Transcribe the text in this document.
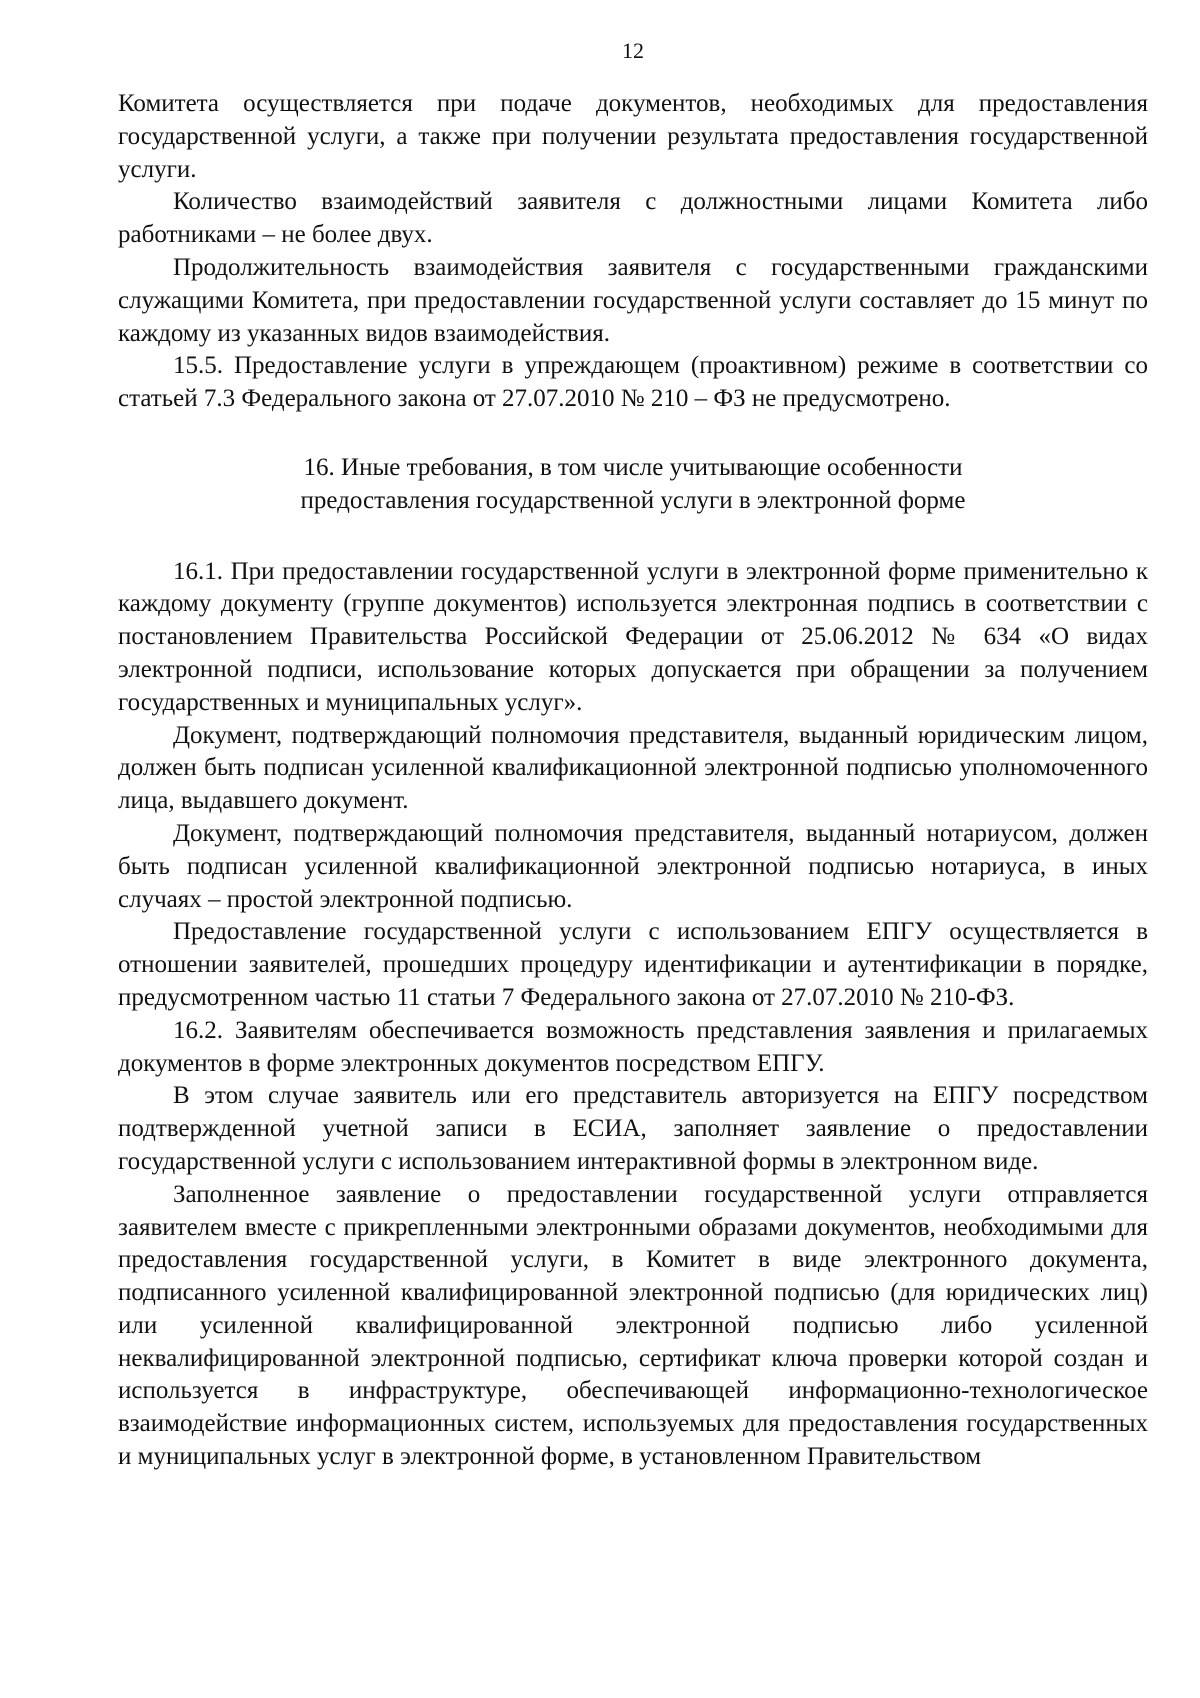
12

Комитета осуществляется при подаче документов, необходимых для предоставления государственной услуги, а также при получении результата предоставления государственной услуги.

Количество взаимодействий заявителя с должностными лицами Комитета либо работниками – не более двух.

Продолжительность взаимодействия заявителя с государственными гражданскими служащими Комитета, при предоставлении государственной услуги составляет до 15 минут по каждому из указанных видов взаимодействия.

15.5. Предоставление услуги в упреждающем (проактивном) режиме в соответствии со статьей 7.3 Федерального закона от 27.07.2010 № 210 – ФЗ не предусмотрено.

16. Иные требования, в том числе учитывающие особенности
предоставления государственной услуги в электронной форме

16.1. При предоставлении государственной услуги в электронной форме применительно к каждому документу (группе документов) используется электронная подпись в соответствии с постановлением Правительства Российской Федерации от 25.06.2012 № 634 «О видах электронной подписи, использование которых допускается при обращении за получением государственных и муниципальных услуг».

Документ, подтверждающий полномочия представителя, выданный юридическим лицом, должен быть подписан усиленной квалификационной электронной подписью уполномоченного лица, выдавшего документ.

Документ, подтверждающий полномочия представителя, выданный нотариусом, должен быть подписан усиленной квалификационной электронной подписью нотариуса, в иных случаях – простой электронной подписью.

Предоставление государственной услуги с использованием ЕПГУ осуществляется в отношении заявителей, прошедших процедуру идентификации и аутентификации в порядке, предусмотренном частью 11 статьи 7 Федерального закона от 27.07.2010 № 210-ФЗ.

16.2. Заявителям обеспечивается возможность представления заявления и прилагаемых документов в форме электронных документов посредством ЕПГУ.

В этом случае заявитель или его представитель авторизуется на ЕПГУ посредством подтвержденной учетной записи в ЕСИА, заполняет заявление о предоставлении государственной услуги с использованием интерактивной формы в электронном виде.

Заполненное заявление о предоставлении государственной услуги отправляется заявителем вместе с прикрепленными электронными образами документов, необходимыми для предоставления государственной услуги, в Комитет в виде электронного документа, подписанного усиленной квалифицированной электронной подписью (для юридических лиц) или усиленной квалифицированной электронной подписью либо усиленной неквалифицированной электронной подписью, сертификат ключа проверки которой создан и используется в инфраструктуре, обеспечивающей информационно-технологическое взаимодействие информационных систем, используемых для предоставления государственных и муниципальных услуг в электронной форме, в установленном Правительством
